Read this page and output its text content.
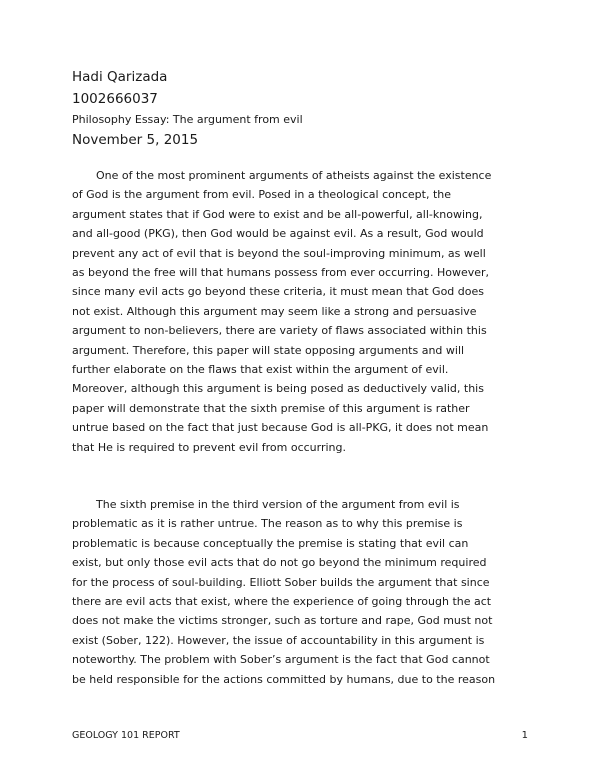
Hadi Qarizada
1002666037
Philosophy Essay: The argument from evil
November 5, 2015
One of the most prominent arguments of atheists against the existence
of God is the argument from evil. Posed in a theological concept, the
argument states that if God were to exist and be all-powerful, all-knowing,
and all-good (PKG), then God would be against evil. As a result, God would
prevent any act of evil that is beyond the soul-improving minimum, as well
as beyond the free will that humans possess from ever occurring. However,
since many evil acts go beyond these criteria, it must mean that God does
not exist. Although this argument may seem like a strong and persuasive
argument to non-believers, there are variety of flaws associated within this
argument. Therefore, this paper will state opposing arguments and will
further elaborate on the flaws that exist within the argument of evil.
Moreover, although this argument is being posed as deductively valid, this
paper will demonstrate that the sixth premise of this argument is rather
untrue based on the fact that just because God is all-PKG, it does not mean
that He is required to prevent evil from occurring.
The sixth premise in the third version of the argument from evil is
problematic as it is rather untrue. The reason as to why this premise is
problematic is because conceptually the premise is stating that evil can
exist, but only those evil acts that do not go beyond the minimum required
for the process of soul-building. Elliott Sober builds the argument that since
there are evil acts that exist, where the experience of going through the act
does not make the victims stronger, such as torture and rape, God must not
exist (Sober, 122). However, the issue of accountability in this argument is
noteworthy. The problem with Sober’s argument is the fact that God cannot
be held responsible for the actions committed by humans, due to the reason
GEOLOGY 101 REPORT	1
